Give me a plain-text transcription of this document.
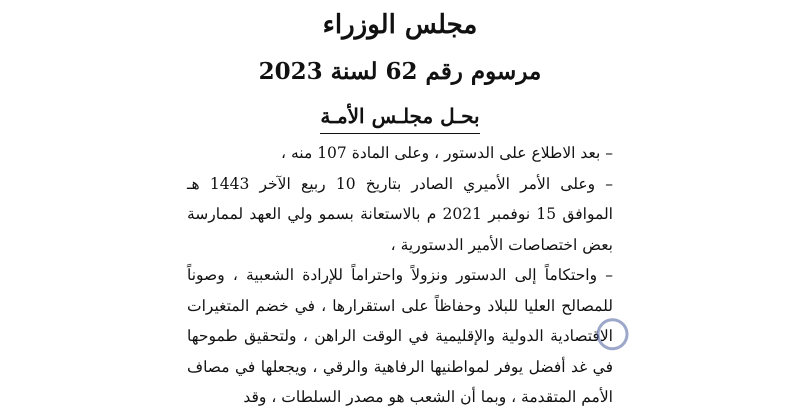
مجلس الوزراء
مرسوم رقم 62 لسنة 2023
بحـل مجلـس الأمـة

– بعد الاطلاع على الدستور ، وعلى المادة 107 منه ،

– وعلى الأمر الأميري الصادر بتاريخ 10 ربيع الآخر 1443 هـ الموافق 15 نوفمبر 2021 م بالاستعانة بسمو ولي العهد لممارسة بعض اختصاصات الأمير الدستورية ،

– واحتكاماً إلى الدستور ونزولاً واحتراماً للإرادة الشعبية ، وصوناً للمصالح العليا للبلاد وحفاظاً على استقرارها ، في خضم المتغيرات الاقتصادية الدولية والإقليمية في الوقت الراهن ، ولتحقيق طموحها في غد أفضل يوفر لمواطنيها الرفاهية والرقي ، ويجعلها في مصاف الأمم المتقدمة ، وبما أن الشعب هو مصدر السلطات ، وقد
